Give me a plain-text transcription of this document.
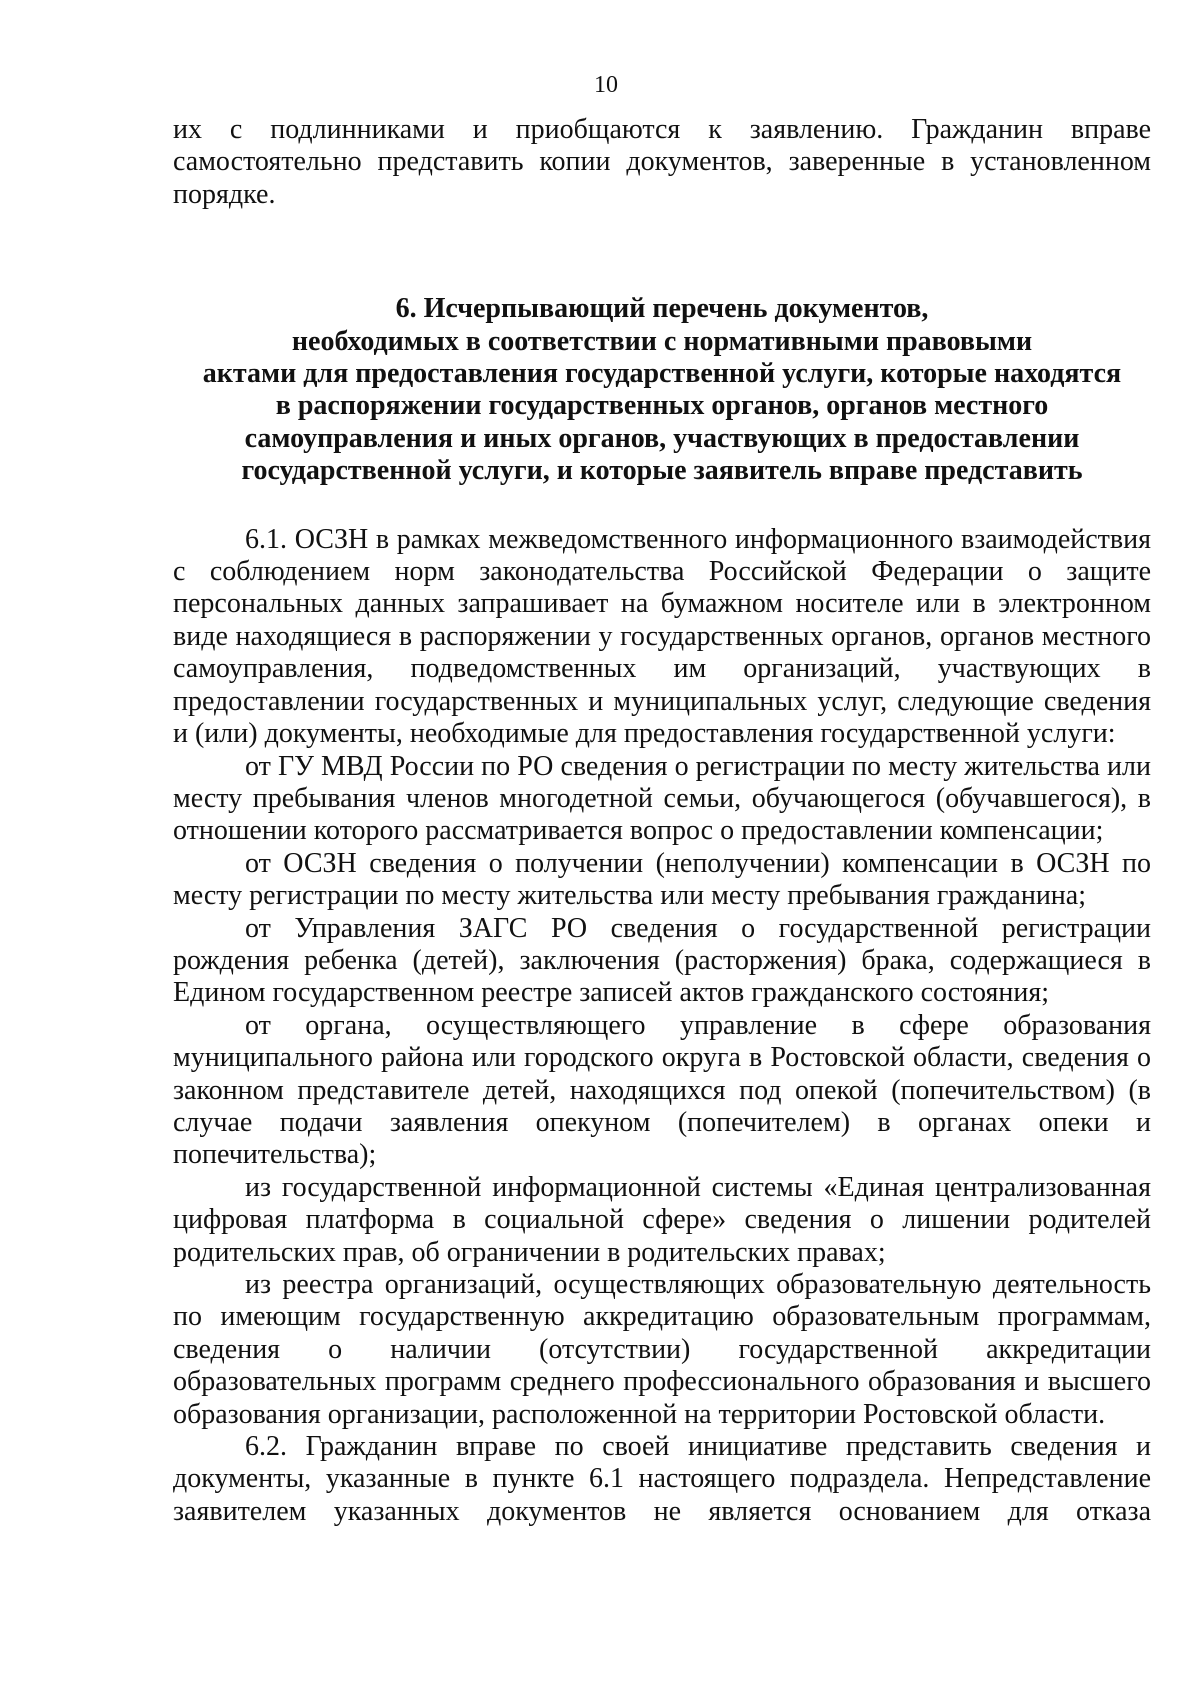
10

их с подлинниками и приобщаются к заявлению. Гражданин вправе самостоятельно представить копии документов, заверенные в установленном порядке.

6. Исчерпывающий перечень документов,
необходимых в соответствии с нормативными правовыми
актами для предоставления государственной услуги, которые находятся
в распоряжении государственных органов, органов местного
самоуправления и иных органов, участвующих в предоставлении
государственной услуги, и которые заявитель вправе представить

6.1. ОСЗН в рамках межведомственного информационного взаимодействия с соблюдением норм законодательства Российской Федерации о защите персональных данных запрашивает на бумажном носителе или в электронном виде находящиеся в распоряжении у государственных органов, органов местного самоуправления, подведомственных им организаций, участвующих в предоставлении государственных и муниципальных услуг, следующие сведения и (или) документы, необходимые для предоставления государственной услуги:

от ГУ МВД России по РО сведения о регистрации по месту жительства или месту пребывания членов многодетной семьи, обучающегося (обучавшегося), в отношении которого рассматривается вопрос о предоставлении компенсации;

от ОСЗН сведения о получении (неполучении) компенсации в ОСЗН по месту регистрации по месту жительства или месту пребывания гражданина;

от Управления ЗАГС РО сведения о государственной регистрации рождения ребенка (детей), заключения (расторжения) брака, содержащиеся в Едином государственном реестре записей актов гражданского состояния;

от органа, осуществляющего управление в сфере образования муниципального района или городского округа в Ростовской области, сведения о законном представителе детей, находящихся под опекой (попечительством) (в случае подачи заявления опекуном (попечителем) в органах опеки и попечительства);

из государственной информационной системы «Единая централизованная цифровая платформа в социальной сфере» сведения о лишении родителей родительских прав, об ограничении в родительских правах;

из реестра организаций, осуществляющих образовательную деятельность по имеющим государственную аккредитацию образовательным программам, сведения о наличии (отсутствии) государственной аккредитации образовательных программ среднего профессионального образования и высшего образования организации, расположенной на территории Ростовской области.

6.2. Гражданин вправе по своей инициативе представить сведения и документы, указанные в пункте 6.1 настоящего подраздела. Непредставление заявителем указанных документов не является основанием для отказа
